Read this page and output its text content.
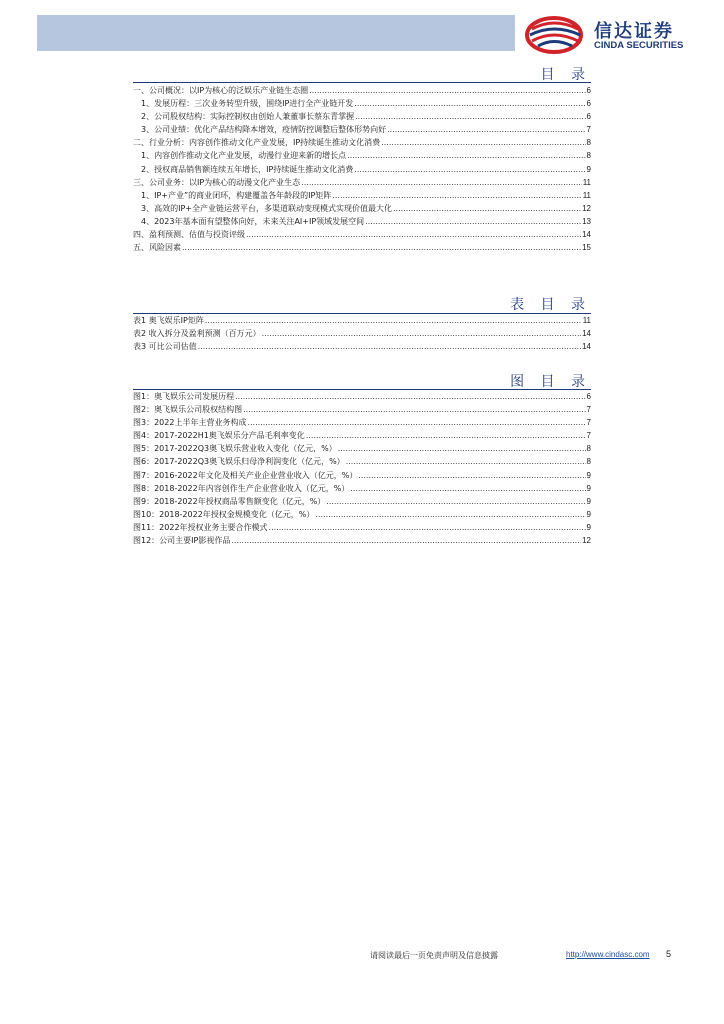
信达证券
CINDA SECURITIES
目 录
一、公司概况：以IP为核心的泛娱乐产业链生态圈 .....	6
1、发展历程：三次业务转型升级，围绕IP进行全产业链开发 .....	6
2、公司股权结构：实际控制权由创始人兼董事长蔡东青掌握 .....	6
3、公司业绩：优化产品结构降本增效，疫情防控调整后整体形势向好 .....	7
二、行业分析：内容创作推动文化产业发展，IP持续诞生推动文化消费 .....	8
1、内容创作推动文化产业发展，动漫行业迎来新的增长点 .....	8
2、授权商品销售额连续五年增长，IP持续诞生推动文化消费 .....	9
三、公司业务：以IP为核心的动漫文化产业生态 .....	11
1、IP+产业”的商业闭环，构建覆盖各年龄段的IP矩阵 .....	11
3、高效的IP+全产业链运营平台，多渠道联动变现模式实现价值最大化 .....	12
4、2023年基本面有望整体向好，未来关注AI+IP领域发展空间 .....	13
四、盈利预测、估值与投资评级 .....	14
五、风险因素 .....	15
表 目 录
表1 奥飞娱乐IP矩阵 .....	11
表2 收入拆分及盈利预测（百万元） .....	14
表3 可比公司估值 .....	14
图 目 录
图1：奥飞娱乐公司发展历程 .....	6
图2：奥飞娱乐公司股权结构图 .....	7
图3：2022上半年主营业务构成 .....	7
图4：2017-2022H1奥飞娱乐分产品毛利率变化 .....	7
图5：2017-2022Q3奥飞娱乐营业收入变化（亿元，%） .....	8
图6：2017-2022Q3奥飞娱乐归母净利润变化（亿元，%） .....	8
图7：2016-2022年文化及相关产业企业营业收入（亿元，%） .....	9
图8：2018-2022年内容创作生产企业营业收入（亿元，%） .....	9
图9：2018-2022年授权商品零售额变化（亿元，%） .....	9
图10：2018-2022年授权金规模变化（亿元，%） .....	9
图11：2022年授权业务主要合作模式 .....	9
图12：公司主要IP影视作品 .....	12
请阅读最后一页免责声明及信息披露	http://www.cindasc.com 5
